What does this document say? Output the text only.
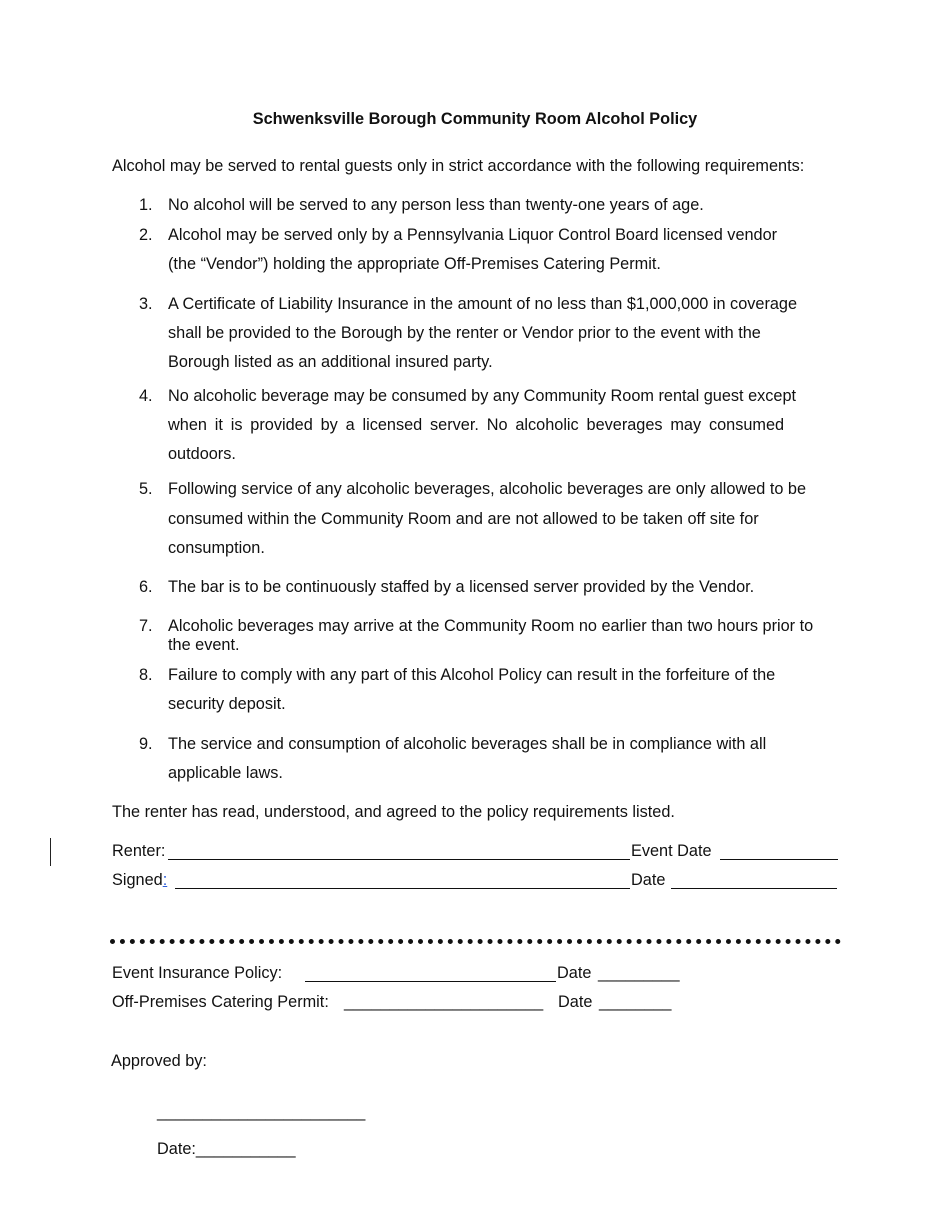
Schwenksville Borough Community Room Alcohol Policy
Alcohol may be served to rental guests only in strict accordance with the following requirements:
1. No alcohol will be served to any person less than twenty-one years of age.
2. Alcohol may be served only by a Pennsylvania Liquor Control Board licensed vendor
(the “Vendor”) holding the appropriate Off-Premises Catering Permit.
3. A Certificate of Liability Insurance in the amount of no less than $1,000,000 in coverage
shall be provided to the Borough by the renter or Vendor prior to the event with the
Borough listed as an additional insured party.
4. No alcoholic beverage may be consumed by any Community Room rental guest except
when it is provided by a licensed server. No alcoholic beverages may consumed
outdoors.
5. Following service of any alcoholic beverages, alcoholic beverages are only allowed to be
consumed within the Community Room and are not allowed to be taken off site for
consumption.
6. The bar is to be continuously staffed by a licensed server provided by the Vendor.
7. Alcoholic beverages may arrive at the Community Room no earlier than two hours prior to
the event.
8. Failure to comply with any part of this Alcohol Policy can result in the forfeiture of the
security deposit.
9. The service and consumption of alcoholic beverages shall be in compliance with all
applicable laws.
The renter has read, understood, and agreed to the policy requirements listed.
Renter:	Event Date
Signed:	Date
Event Insurance Policy:	Date _________
Off-Premises Catering Permit: ______________________ Date ________
Approved by:
_______________________
Date:___________
